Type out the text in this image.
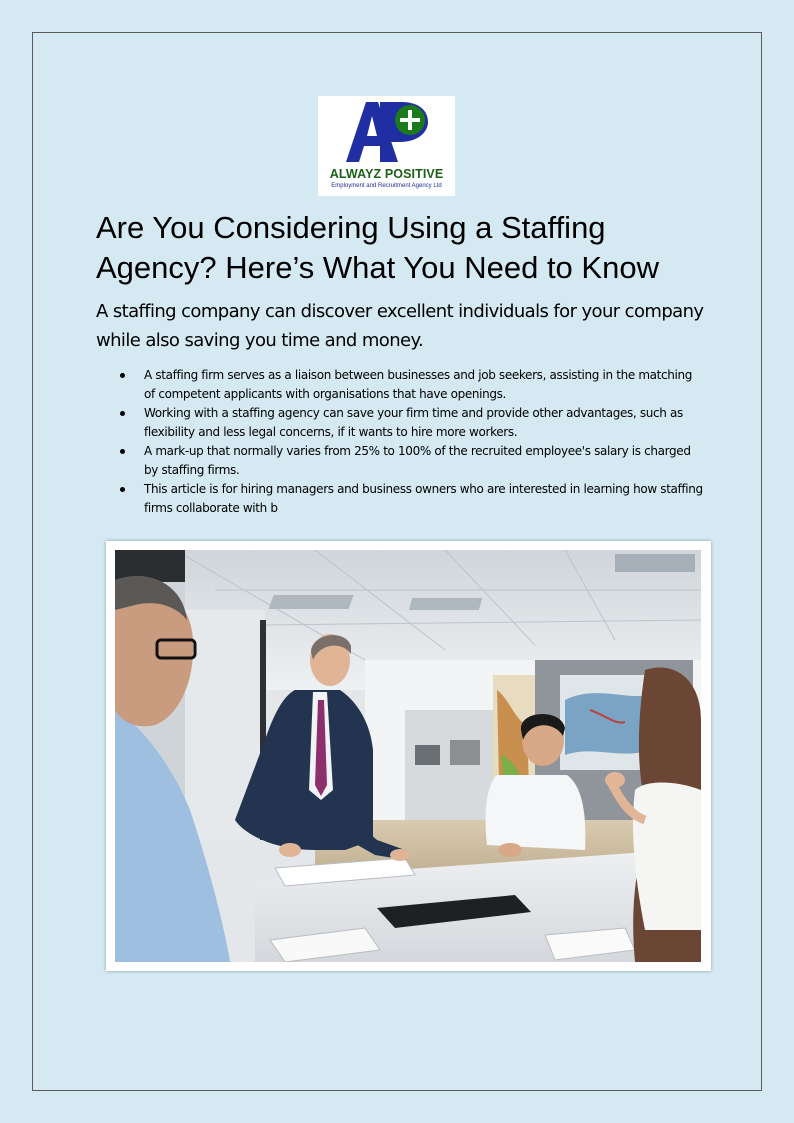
ALWAYZ POSITIVE
Employment and Recruitment Agency Ltd
Are You Considering Using a Staffing Agency? Here’s What You Need to Know
A staffing company can discover excellent individuals for your company while also saving you time and money.
A staffing firm serves as a liaison between businesses and job seekers, assisting in the matching of competent applicants with organisations that have openings.
Working with a staffing agency can save your firm time and provide other advantages, such as flexibility and less legal concerns, if it wants to hire more workers.
A mark-up that normally varies from 25% to 100% of the recruited employee's salary is charged by staffing firms.
This article is for hiring managers and business owners who are interested in learning how staffing firms collaborate with b
